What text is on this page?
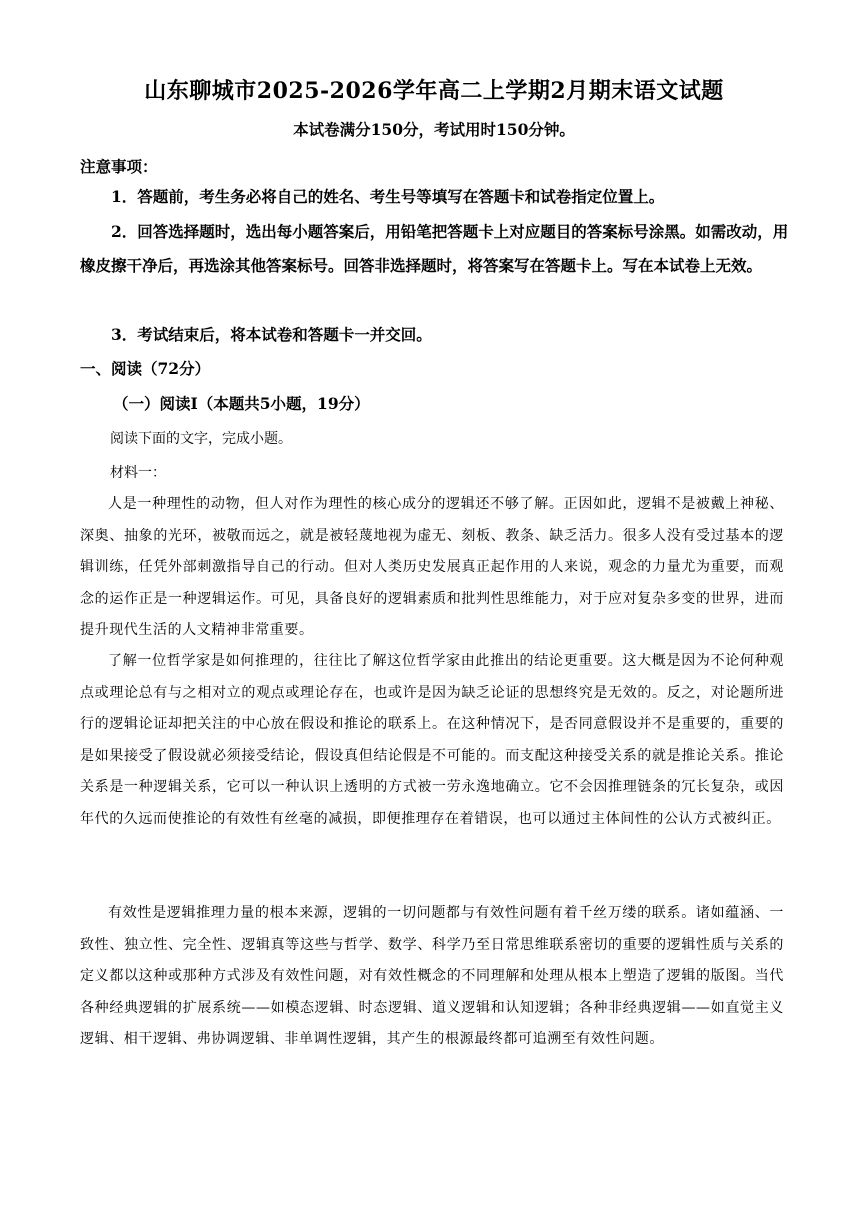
山东聊城市2025-2026学年高二上学期2月期末语文试题
本试卷满分150分，考试用时150分钟。
注意事项：

1．答题前，考生务必将自己的姓名、考生号等填写在答题卡和试卷指定位置上。

2．回答选择题时，选出每小题答案后，用铅笔把答题卡上对应题目的答案标号涂黑。如需改动，用橡皮擦干净后，再选涂其他答案标号。回答非选择题时，将答案写在答题卡上。写在本试卷上无效。

3．考试结束后，将本试卷和答题卡一并交回。

一、阅读（72分）
（一）阅读Ⅰ（本题共5小题，19分）
阅读下面的文字，完成小题。
材料一：

人是一种理性的动物，但人对作为理性的核心成分的逻辑还不够了解。正因如此，逻辑不是被戴上神秘、深奥、抽象的光环，被敬而远之，就是被轻蔑地视为虚无、刻板、教条、缺乏活力。很多人没有受过基本的逻辑训练，任凭外部刺激指导自己的行动。但对人类历史发展真正起作用的人来说，观念的力量尤为重要，而观念的运作正是一种逻辑运作。可见，具备良好的逻辑素质和批判性思维能力，对于应对复杂多变的世界，进而提升现代生活的人文精神非常重要。

了解一位哲学家是如何推理的，往往比了解这位哲学家由此推出的结论更重要。这大概是因为不论何种观点或理论总有与之相对立的观点或理论存在，也或许是因为缺乏论证的思想终究是无效的。反之，对论题所进行的逻辑论证却把关注的中心放在假设和推论的联系上。在这种情况下，是否同意假设并不是重要的，重要的是如果接受了假设就必须接受结论，假设真但结论假是不可能的。而支配这种接受关系的就是推论关系。推论关系是一种逻辑关系，它可以一种认识上透明的方式被一劳永逸地确立。它不会因推理链条的冗长复杂，或因年代的久远而使推论的有效性有丝毫的减损，即便推理存在着错误，也可以通过主体间性的公认方式被纠正。

有效性是逻辑推理力量的根本来源，逻辑的一切问题都与有效性问题有着千丝万缕的联系。诸如蕴涵、一致性、独立性、完全性、逻辑真等这些与哲学、数学、科学乃至日常思维联系密切的重要的逻辑性质与关系的定义都以这种或那种方式涉及有效性问题，对有效性概念的不同理解和处理从根本上塑造了逻辑的版图。当代各种经典逻辑的扩展系统——如模态逻辑、时态逻辑、道义逻辑和认知逻辑；各种非经典逻辑——如直觉主义逻辑、相干逻辑、弗协调逻辑、非单调性逻辑，其产生的根源最终都可追溯至有效性问题。
